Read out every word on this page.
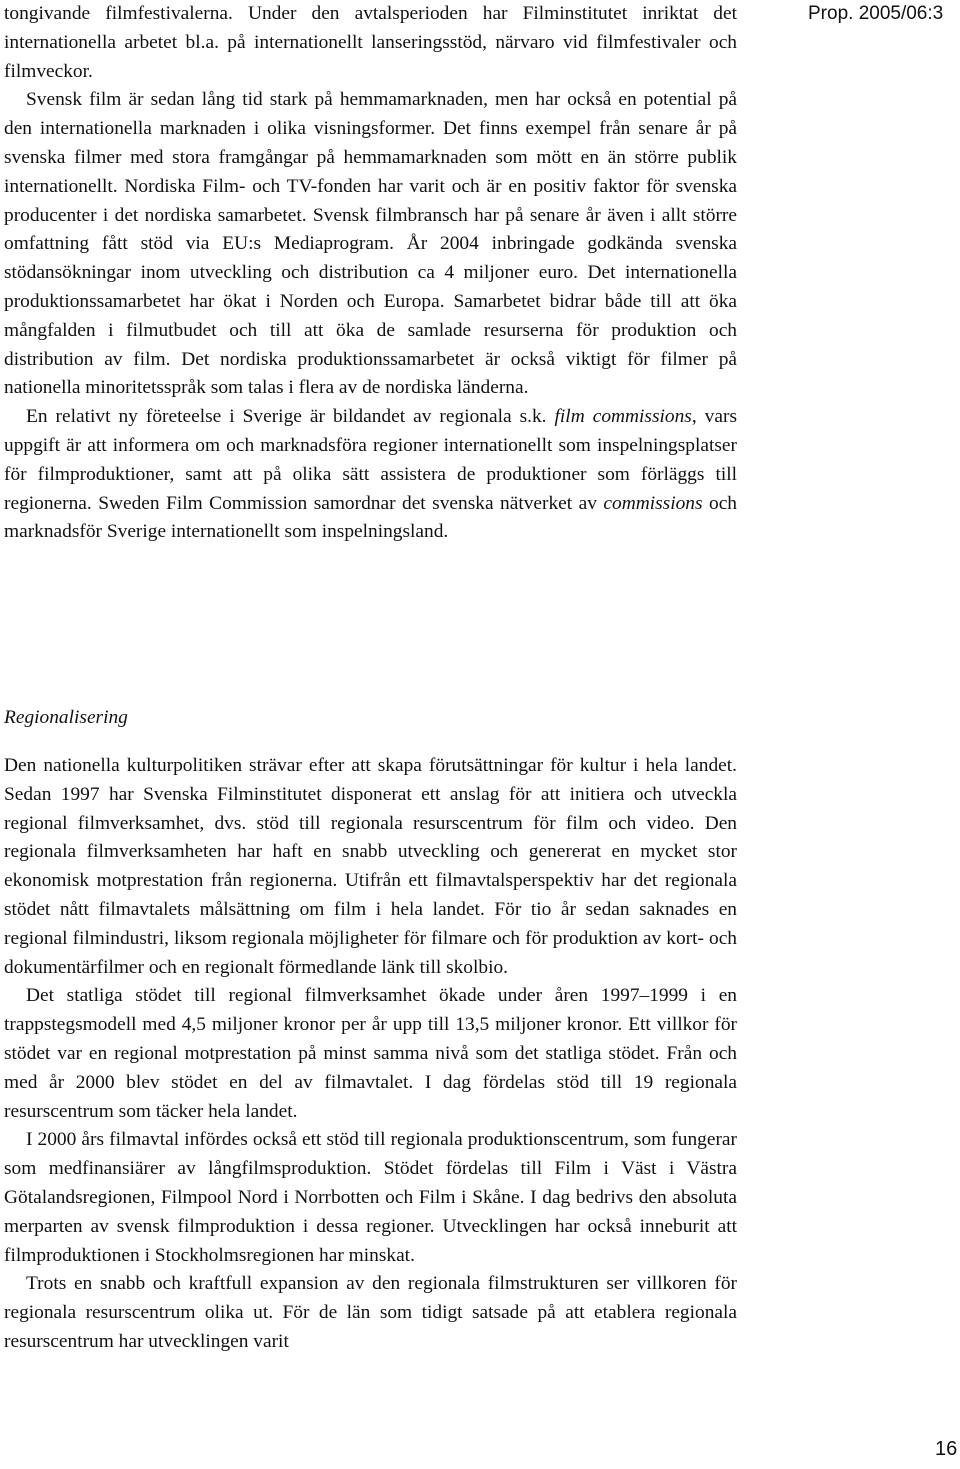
Prop. 2005/06:3

tongivande filmfestivalerna. Under den avtalsperioden har Filminstitutet inriktat det internationella arbetet bl.a. på internationellt lanseringsstöd, närvaro vid filmfestivaler och filmveckor.

Svensk film är sedan lång tid stark på hemmamarknaden, men har också en potential på den internationella marknaden i olika visningsformer. Det finns exempel från senare år på svenska filmer med stora framgångar på hemmamarknaden som mött en än större publik internationellt. Nordiska Film- och TV-fonden har varit och är en positiv faktor för svenska producenter i det nordiska samarbetet. Svensk filmbransch har på senare år även i allt större omfattning fått stöd via EU:s Mediaprogram. År 2004 inbringade godkända svenska stödansökningar inom utveckling och distribution ca 4 miljoner euro. Det internationella produktionssamarbetet har ökat i Norden och Europa. Samarbetet bidrar både till att öka mångfalden i filmutbudet och till att öka de samlade resurserna för produktion och distribution av film. Det nordiska produktionssamarbetet är också viktigt för filmer på nationella minoritetsspråk som talas i flera av de nordiska länderna.

En relativt ny företeelse i Sverige är bildandet av regionala s.k. film commissions, vars uppgift är att informera om och marknadsföra regioner internationellt som inspelningsplatser för filmproduktioner, samt att på olika sätt assistera de produktioner som förläggs till regionerna. Sweden Film Commission samordnar det svenska nätverket av commissions och marknadsför Sverige internationellt som inspelningsland.

Regionalisering

Den nationella kulturpolitiken strävar efter att skapa förutsättningar för kultur i hela landet. Sedan 1997 har Svenska Filminstitutet disponerat ett anslag för att initiera och utveckla regional filmverksamhet, dvs. stöd till regionala resurscentrum för film och video. Den regionala filmverksamheten har haft en snabb utveckling och genererat en mycket stor ekonomisk motprestation från regionerna. Utifrån ett filmavtalsperspektiv har det regionala stödet nått filmavtalets målsättning om film i hela landet. För tio år sedan saknades en regional filmindustri, liksom regionala möjligheter för filmare och för produktion av kort- och dokumentärfilmer och en regionalt förmedlande länk till skolbio.

Det statliga stödet till regional filmverksamhet ökade under åren 1997–1999 i en trappstegsmodell med 4,5 miljoner kronor per år upp till 13,5 miljoner kronor. Ett villkor för stödet var en regional motprestation på minst samma nivå som det statliga stödet. Från och med år 2000 blev stödet en del av filmavtalet. I dag fördelas stöd till 19 regionala resurscentrum som täcker hela landet.

I 2000 års filmavtal infördes också ett stöd till regionala produktionscentrum, som fungerar som medfinansiärer av långfilmsproduktion. Stödet fördelas till Film i Väst i Västra Götalandsregionen, Filmpool Nord i Norrbotten och Film i Skåne. I dag bedrivs den absoluta merparten av svensk filmproduktion i dessa regioner. Utvecklingen har också inneburit att filmproduktionen i Stockholmsregionen har minskat.

Trots en snabb och kraftfull expansion av den regionala filmstrukturen ser villkoren för regionala resurscentrum olika ut. För de län som tidigt satsade på att etablera regionala resurscentrum har utvecklingen varit

16
